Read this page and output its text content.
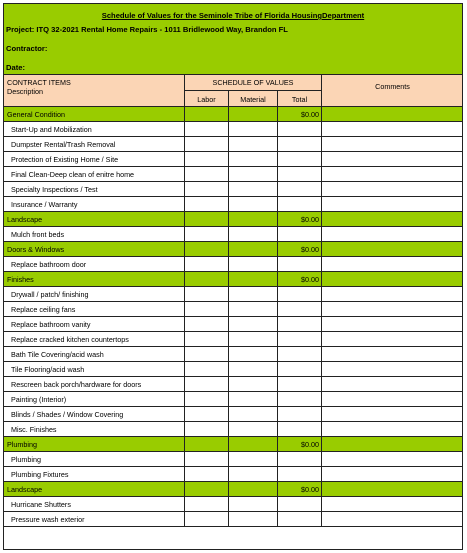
Schedule of Values for the Seminole Tribe of Florida HousingDepartment
Project: ITQ 32-2021 Rental Home Repairs - 1011 Bridlewood Way, Brandon FL
Contractor:
Date:
CONTRACT ITEMS
Description	SCHEDULE OF VALUES			Comments
	Labor	Material	Total	
General Condition			$0.00	
Start-Up and Mobilization				
Dumpster Rental/Trash Removal				
Protection of Existing Home / Site				
Final Clean-Deep clean of enitre home				
Specialty Inspections / Test				
Insurance / Warranty				
Landscape			$0.00	
Mulch front beds				
Doors & Windows			$0.00	
Replace bathroom door				
Finishes			$0.00	
Drywall / patch/ finishing				
Replace ceiling fans				
Replace bathroom vanity				
Replace cracked kitchen countertops				
Bath Tile Covering/acid wash				
Tile Flooring/acid wash				
Rescreen back porch/hardware for doors				
Painting (Interior)				
Blinds / Shades / Window Covering				
Misc. Finishes				
Plumbing			$0.00	
Plumbing				
Plumbing Fixtures				
Landscape			$0.00	
Hurricane Shutters				
Pressure wash exterior				
